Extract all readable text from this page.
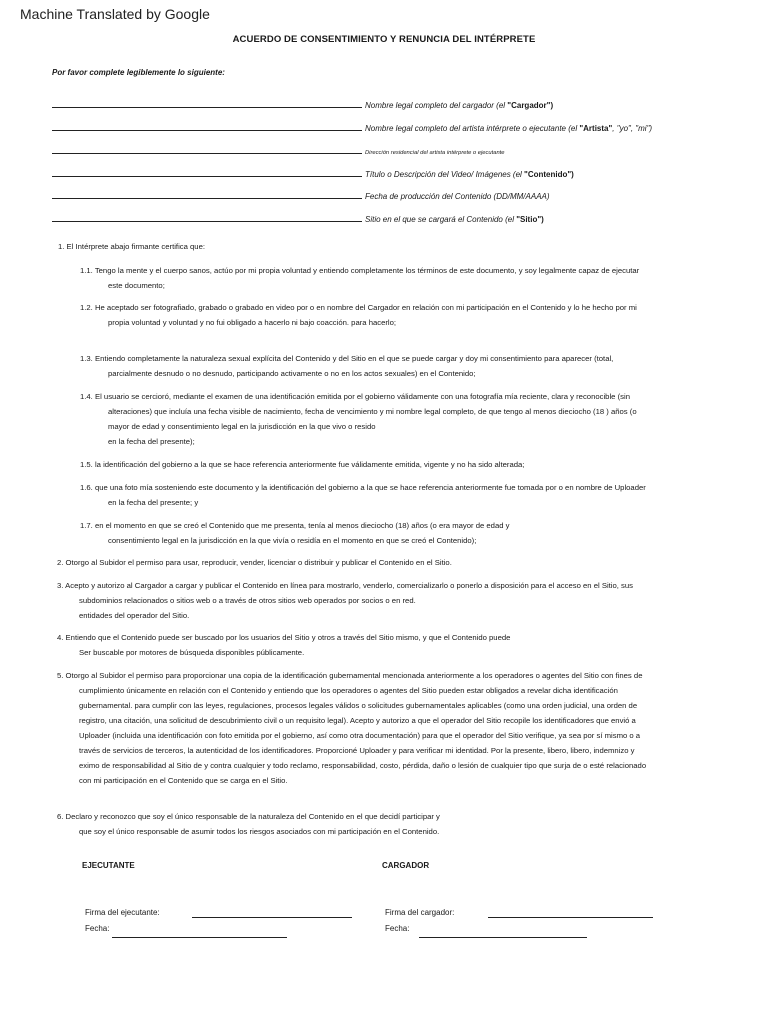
Machine Translated by Google
ACUERDO DE CONSENTIMIENTO Y RENUNCIA DEL INTÉRPRETE
Por favor complete legiblemente lo siguiente:
Nombre legal completo del cargador (el "Cargador")
Nombre legal completo del artista intérprete o ejecutante (el "Artista", "yo", "mi")
Dirección residencial del artista intérprete o ejecutante
Título o Descripción del Video/ Imágenes (el "Contenido")
Fecha de producción del Contenido (DD/MM/AAAA)
Sitio en el que se cargará el Contenido (el "Sitio")
1. El Intérprete abajo firmante certifica que:
1.1. Tengo la mente y el cuerpo sanos, actúo por mi propia voluntad y entiendo completamente los términos de este documento, y soy legalmente capaz de ejecutar
este documento;
1.2. He aceptado ser fotografiado, grabado o grabado en video por o en nombre del Cargador en relación con mi participación en el Contenido y lo he hecho por mi
propia voluntad y voluntad y no fui obligado a hacerlo ni bajo coacción. para hacerlo;
1.3. Entiendo completamente la naturaleza sexual explícita del Contenido y del Sitio en el que se puede cargar y doy mi consentimiento para aparecer (total,
parcialmente desnudo o no desnudo, participando activamente o no en los actos sexuales) en el Contenido;
1.4. El usuario se cercioró, mediante el examen de una identificación emitida por el gobierno válidamente con una fotografía mía reciente, clara y reconocible (sin
alteraciones) que incluía una fecha visible de nacimiento, fecha de vencimiento y mi nombre legal completo, de que tengo al menos dieciocho (18 ) años (o
mayor de edad y consentimiento legal en la jurisdicción en la que vivo o resido
en la fecha del presente);
1.5. la identificación del gobierno a la que se hace referencia anteriormente fue válidamente emitida, vigente y no ha sido alterada;
1.6. que una foto mía sosteniendo este documento y la identificación del gobierno a la que se hace referencia anteriormente fue tomada por o en nombre de Uploader
en la fecha del presente; y
1.7. en el momento en que se creó el Contenido que me presenta, tenía al menos dieciocho (18) años (o era mayor de edad y
consentimiento legal en la jurisdicción en la que vivía o residía en el momento en que se creó el Contenido);
2. Otorgo al Subidor el permiso para usar, reproducir, vender, licenciar o distribuir y publicar el Contenido en el Sitio.
3. Acepto y autorizo al Cargador a cargar y publicar el Contenido en línea para mostrarlo, venderlo, comercializarlo o ponerlo a disposición para el acceso en el Sitio, sus
subdominios relacionados o sitios web o a través de otros sitios web operados por socios o en red.
entidades del operador del Sitio.
4. Entiendo que el Contenido puede ser buscado por los usuarios del Sitio y otros a través del Sitio mismo, y que el Contenido puede
Ser buscable por motores de búsqueda disponibles públicamente.
5. Otorgo al Subidor el permiso para proporcionar una copia de la identificación gubernamental mencionada anteriormente a los operadores o agentes del Sitio con fines de
cumplimiento únicamente en relación con el Contenido y entiendo que los operadores o agentes del Sitio pueden estar obligados a revelar dicha identificación
gubernamental. para cumplir con las leyes, regulaciones, procesos legales válidos o solicitudes gubernamentales aplicables (como una orden judicial, una orden de
registro, una citación, una solicitud de descubrimiento civil o un requisito legal). Acepto y autorizo a que el operador del Sitio recopile los identificadores que envió a
Uploader (incluida una identificación con foto emitida por el gobierno, así como otra documentación) para que el operador del Sitio verifique, ya sea por sí mismo o a
través de servicios de terceros, la autenticidad de los identificadores. Proporcioné Uploader y para verificar mi identidad. Por la presente, libero, libero, indemnizo y
eximo de responsabilidad al Sitio de y contra cualquier y todo reclamo, responsabilidad, costo, pérdida, daño o lesión de cualquier tipo que surja de o esté relacionado
con mi participación en el Contenido que se carga en el Sitio.
6. Declaro y reconozco que soy el único responsable de la naturaleza del Contenido en el que decidí participar y
que soy el único responsable de asumir todos los riesgos asociados con mi participación en el Contenido.
EJECUTANTE	CARGADOR
Firma del ejecutante:	Firma del cargador:
Fecha:	Fecha:
